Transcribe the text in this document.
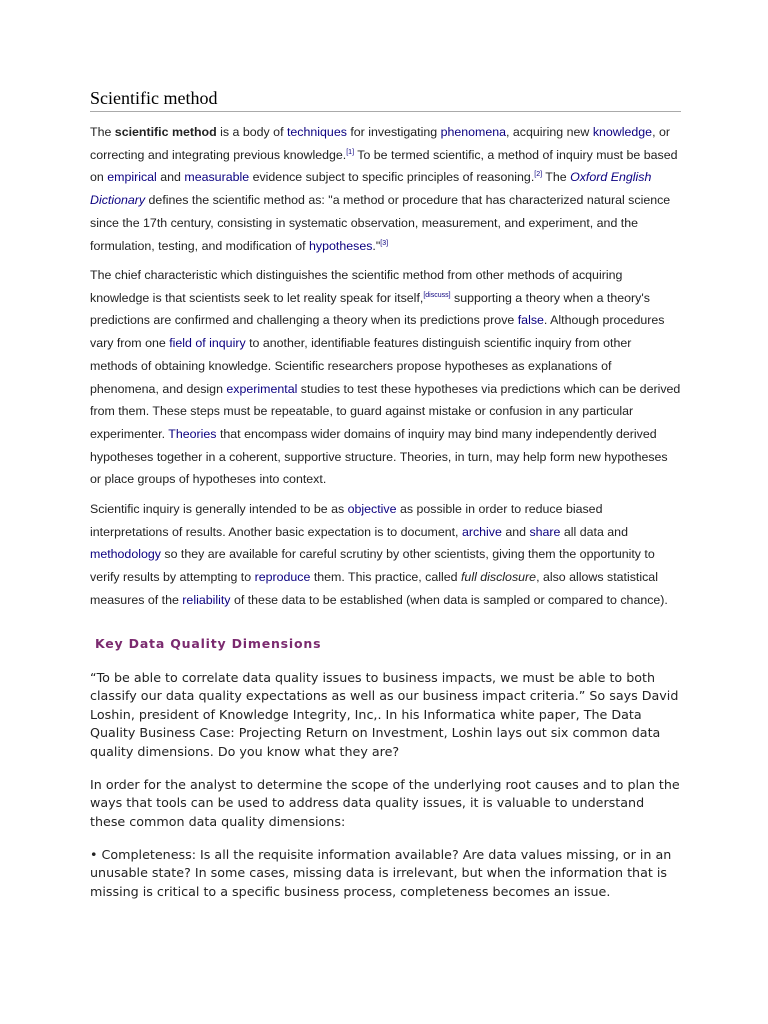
Scientific method

The scientific method is a body of techniques for investigating phenomena, acquiring new knowledge, or correcting and integrating previous knowledge.[1] To be termed scientific, a method of inquiry must be based on empirical and measurable evidence subject to specific principles of reasoning.[2] The Oxford English Dictionary defines the scientific method as: "a method or procedure that has characterized natural science since the 17th century, consisting in systematic observation, measurement, and experiment, and the formulation, testing, and modification of hypotheses."[3]

The chief characteristic which distinguishes the scientific method from other methods of acquiring knowledge is that scientists seek to let reality speak for itself,[discuss] supporting a theory when a theory's predictions are confirmed and challenging a theory when its predictions prove false. Although procedures vary from one field of inquiry to another, identifiable features distinguish scientific inquiry from other methods of obtaining knowledge. Scientific researchers propose hypotheses as explanations of phenomena, and design experimental studies to test these hypotheses via predictions which can be derived from them. These steps must be repeatable, to guard against mistake or confusion in any particular experimenter. Theories that encompass wider domains of inquiry may bind many independently derived hypotheses together in a coherent, supportive structure. Theories, in turn, may help form new hypotheses or place groups of hypotheses into context.

Scientific inquiry is generally intended to be as objective as possible in order to reduce biased interpretations of results. Another basic expectation is to document, archive and share all data and methodology so they are available for careful scrutiny by other scientists, giving them the opportunity to verify results by attempting to reproduce them. This practice, called full disclosure, also allows statistical measures of the reliability of these data to be established (when data is sampled or compared to chance).

“To be able to correlate data quality issues to business impacts, we must be able to both classify our data quality expectations as well as our business impact criteria.” So says David Loshin, president of Knowledge Integrity, Inc,. In his Informatica white paper, The Data Quality Business Case: Projecting Return on Investment, Loshin lays out six common data quality dimensions. Do you know what they are?

In order for the analyst to determine the scope of the underlying root causes and to plan the ways that tools can be used to address data quality issues, it is valuable to understand these common data quality dimensions:

• Completeness: Is all the requisite information available? Are data values missing, or in an unusable state? In some cases, missing data is irrelevant, but when the information that is missing is critical to a specific business process, completeness becomes an issue.

Key Data Quality Dimensions
